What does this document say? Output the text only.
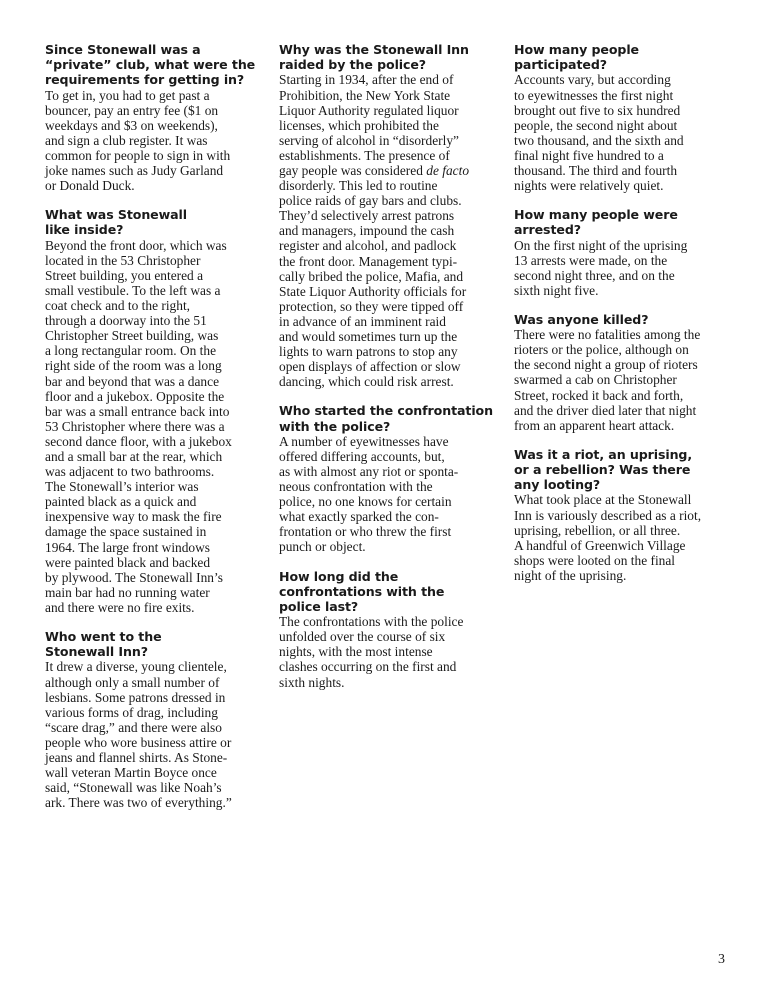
Since Stonewall was a
“private” club, what were the
requirements for getting in?

To get in, you had to get past a
bouncer, pay an entry fee ($1 on
weekdays and $3 on weekends),
and sign a club register. It was
common for people to sign in with
joke names such as Judy Garland
or Donald Duck.

What was Stonewall
like inside?

Beyond the front door, which was
located in the 53 Christopher
Street building, you entered a
small vestibule. To the left was a
coat check and to the right,
through a doorway into the 51
Christopher Street building, was
a long rectangular room. On the
right side of the room was a long
bar and beyond that was a dance
floor and a jukebox. Opposite the
bar was a small entrance back into
53 Christopher where there was a
second dance floor, with a jukebox
and a small bar at the rear, which
was adjacent to two bathrooms.
The Stonewall’s interior was
painted black as a quick and
inexpensive way to mask the fire
damage the space sustained in
1964. The large front windows
were painted black and backed
by plywood. The Stonewall Inn’s
main bar had no running water
and there were no fire exits.

Who went to the
Stonewall Inn?

It drew a diverse, young clientele,
although only a small number of
lesbians. Some patrons dressed in
various forms of drag, including
“scare drag,” and there were also
people who wore business attire or
jeans and flannel shirts. As Stone-
wall veteran Martin Boyce once
said, “Stonewall was like Noah’s
ark. There was two of everything.”

Why was the Stonewall Inn
raided by the police?

Starting in 1934, after the end of
Prohibition, the New York State
Liquor Authority regulated liquor
licenses, which prohibited the
serving of alcohol in “disorderly”
establishments. The presence of
gay people was considered de facto
disorderly. This led to routine
police raids of gay bars and clubs.
They’d selectively arrest patrons
and managers, impound the cash
register and alcohol, and padlock
the front door. Management typi-
cally bribed the police, Mafia, and
State Liquor Authority officials for
protection, so they were tipped off
in advance of an imminent raid
and would sometimes turn up the
lights to warn patrons to stop any
open displays of affection or slow
dancing, which could risk arrest.

Who started the confrontation
with the police?

A number of eyewitnesses have
offered differing accounts, but,
as with almost any riot or sponta-
neous confrontation with the
police, no one knows for certain
what exactly sparked the con-
frontation or who threw the first
punch or object.

How long did the
confrontations with the
police last?

The confrontations with the police
unfolded over the course of six
nights, with the most intense
clashes occurring on the first and
sixth nights.

How many people
participated?

Accounts vary, but according
to eyewitnesses the first night
brought out five to six hundred
people, the second night about
two thousand, and the sixth and
final night five hundred to a
thousand. The third and fourth
nights were relatively quiet.

How many people were
arrested?

On the first night of the uprising
13 arrests were made, on the
second night three, and on the
sixth night five.

Was anyone killed?

There were no fatalities among the
rioters or the police, although on
the second night a group of rioters
swarmed a cab on Christopher
Street, rocked it back and forth,
and the driver died later that night
from an apparent heart attack.

Was it a riot, an uprising,
or a rebellion? Was there
any looting?

What took place at the Stonewall
Inn is variously described as a riot,
uprising, rebellion, or all three.
A handful of Greenwich Village
shops were looted on the final
night of the uprising.

3
